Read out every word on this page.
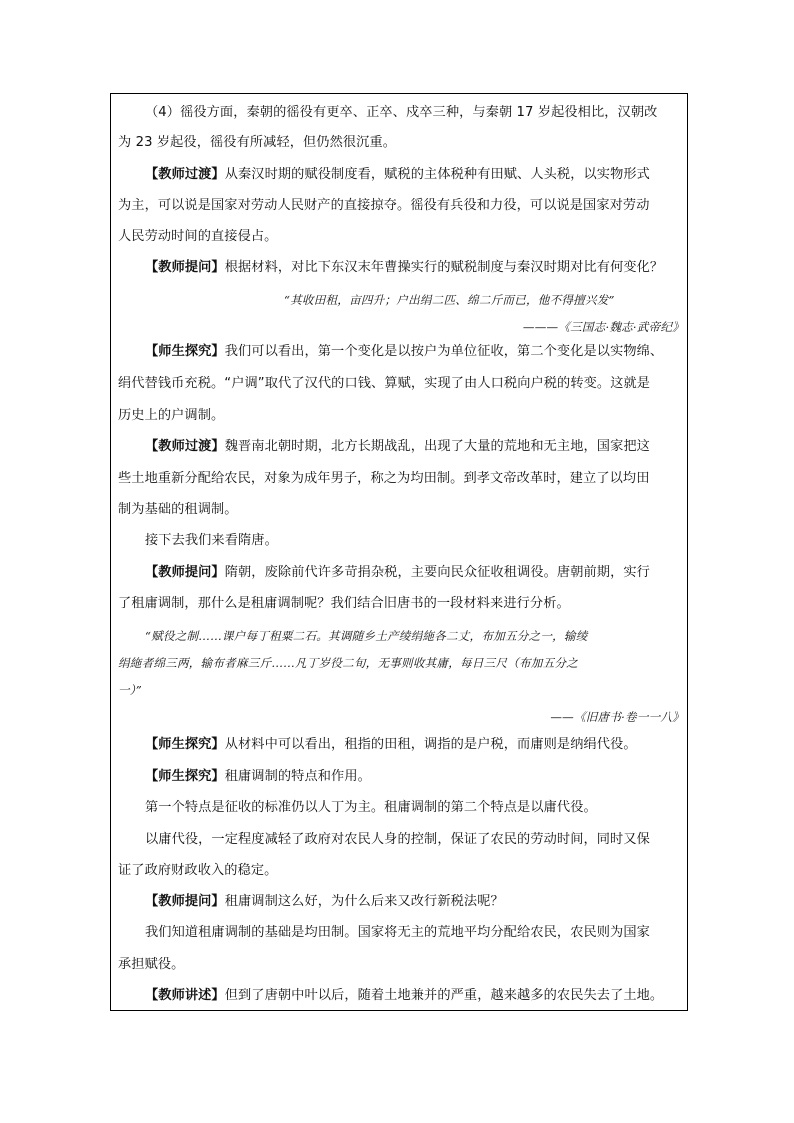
（4）徭役方面，秦朝的徭役有更卒、正卒、戍卒三种，与秦朝 17 岁起役相比，汉朝改
为 23 岁起役，徭役有所减轻，但仍然很沉重。
【教师过渡】从秦汉时期的赋役制度看，赋税的主体税种有田赋、人头税，以实物形式
为主，可以说是国家对劳动人民财产的直接掠夺。徭役有兵役和力役，可以说是国家对劳动
人民劳动时间的直接侵占。
【教师提问】根据材料，对比下东汉末年曹操实行的赋税制度与秦汉时期对比有何变化？
“其收田租，亩四升；户出绢二匹、绵二斤而已，他不得擅兴发”
———《三国志·魏志·武帝纪》
【师生探究】我们可以看出，第一个变化是以按户为单位征收，第二个变化是以实物绵、
绢代替钱币充税。“户调”取代了汉代的口钱、算赋，实现了由人口税向户税的转变。这就是
历史上的户调制。
【教师过渡】魏晋南北朝时期，北方长期战乱，出现了大量的荒地和无主地，国家把这
些土地重新分配给农民，对象为成年男子，称之为均田制。到孝文帝改革时，建立了以均田
制为基础的租调制。
接下去我们来看隋唐。
【教师提问】隋朝，废除前代许多苛捐杂税，主要向民众征收租调役。唐朝前期，实行
了租庸调制，那什么是租庸调制呢？我们结合旧唐书的一段材料来进行分析。
“赋役之制……课户每丁租粟二石。其调随乡土产绫绢絁各二丈，布加五分之一，输绫
绢絁者绵三两，输布者麻三斤……凡丁岁役二旬，无事则收其庸，每日三尺（布加五分之
一）”
——《旧唐书·卷一一八》
【师生探究】从材料中可以看出，租指的田租，调指的是户税，而庸则是纳绢代役。
【师生探究】租庸调制的特点和作用。
第一个特点是征收的标准仍以人丁为主。租庸调制的第二个特点是以庸代役。
以庸代役，一定程度减轻了政府对农民人身的控制，保证了农民的劳动时间，同时又保
证了政府财政收入的稳定。
【教师提问】租庸调制这么好，为什么后来又改行新税法呢？
我们知道租庸调制的基础是均田制。国家将无主的荒地平均分配给农民，农民则为国家
承担赋役。
【教师讲述】但到了唐朝中叶以后，随着土地兼并的严重，越来越多的农民失去了土地。
